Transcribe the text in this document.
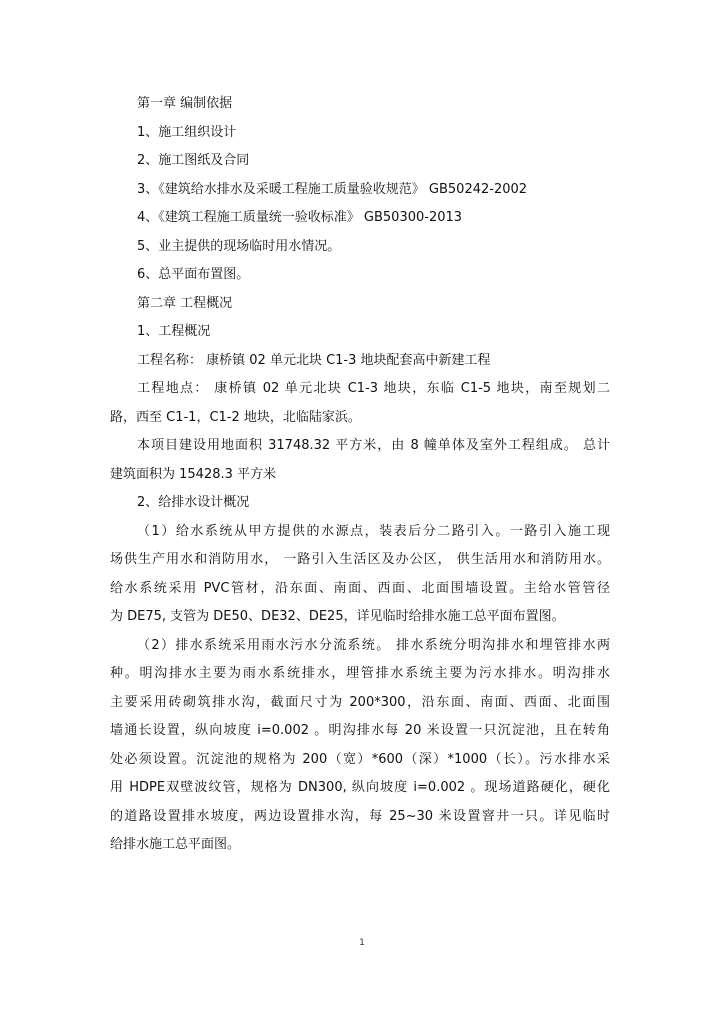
第一章 编制依据
1、施工组织设计
2、施工图纸及合同
3、《建筑给水排水及采暖工程施工质量验收规范》 GB50242-2002
4、《建筑工程施工质量统一验收标准》 GB50300-2013
5、业主提供的现场临时用水情况。
6、总平面布置图。
第二章 工程概况
1、工程概况
工程名称： 康桥镇 02 单元北块 C1-3 地块配套高中新建工程
工程地点： 康桥镇 02 单元北块 C1-3 地块，东临 C1-5 地块，南至规划二
路，西至 C1-1，C1-2 地块，北临陆家浜。
本项目建设用地面积 31748.32 平方米，由 8 幢单体及室外工程组成。 总计
建筑面积为 15428.3 平方米
2、给排水设计概况
（1）给水系统从甲方提供的水源点，装表后分二路引入。一路引入施工现
场供生产用水和消防用水， 一路引入生活区及办公区， 供生活用水和消防用水。
给水系统采用 PVC管材，沿东面、南面、西面、北面围墙设置。主给水管管径
为 DE75, 支管为 DE50、DE32、DE25，详见临时给排水施工总平面布置图。
（2）排水系统采用雨水污水分流系统。 排水系统分明沟排水和埋管排水两
种。明沟排水主要为雨水系统排水，埋管排水系统主要为污水排水。明沟排水
主要采用砖砌筑排水沟，截面尺寸为 200*300，沿东面、南面、西面、北面围
墙通长设置，纵向坡度 i=0.002 。明沟排水每 20 米设置一只沉淀池，且在转角
处必须设置。沉淀池的规格为 200（宽）*600（深）*1000（长）。污水排水采
用 HDPE双壁波纹管，规格为 DN300, 纵向坡度 i=0.002 。现场道路硬化，硬化
的道路设置排水坡度，两边设置排水沟，每 25~30 米设置窨井一只。详见临时
给排水施工总平面图。
1
